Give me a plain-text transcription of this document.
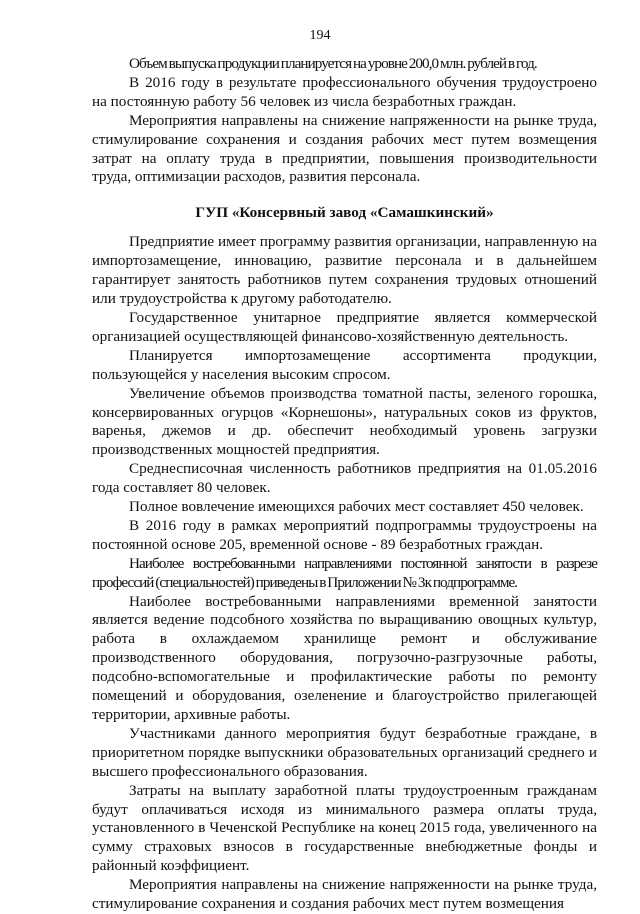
194

Объем выпуска продукции планируется на уровне 200,0 млн. рублей в год.

В 2016 году в результате профессионального обучения трудоустроено на постоянную работу 56 человек из числа безработных граждан.

Мероприятия направлены на снижение напряженности на рынке труда, стимулирование сохранения и создания рабочих мест путем возмещения затрат на оплату труда в предприятии, повышения производительности труда, оптимизации расходов, развития персонала.

ГУП «Консервный завод «Самашкинский»

Предприятие имеет программу развития организации, направленную на импортозамещение, инновацию, развитие персонала и в дальнейшем гарантирует занятость работников путем сохранения трудовых отношений или трудоустройства к другому работодателю.

Государственное унитарное предприятие является коммерческой организацией осуществляющей финансово-хозяйственную деятельность.

Планируется импортозамещение ассортимента продукции, пользующейся у населения высоким спросом.

Увеличение объемов производства томатной пасты, зеленого горошка, консервированных огурцов «Корнешоны», натуральных соков из фруктов, варенья, джемов и др. обеспечит необходимый уровень загрузки производственных мощностей предприятия.

Среднесписочная численность работников предприятия на 01.05.2016 года составляет 80 человек.

Полное вовлечение имеющихся рабочих мест составляет 450 человек.

В 2016 году в рамках мероприятий подпрограммы трудоустроены на постоянной основе 205, временной основе - 89 безработных граждан.

Наиболее востребованными направлениями постоянной занятости в разрезе профессий (специальностей) приведены в Приложении № 3к подпрограмме.

Наиболее востребованными направлениями временной занятости является ведение подсобного хозяйства по выращиванию овощных культур, работа в охлаждаемом хранилище ремонт и обслуживание производственного оборудования, погрузочно-разгрузочные работы, подсобно-вспомогательные и профилактические работы по ремонту помещений и оборудования, озеленение и благоустройство прилегающей территории, архивные работы.

Участниками данного мероприятия будут безработные граждане, в приоритетном порядке выпускники образовательных организаций среднего и высшего профессионального образования.

Затраты на выплату заработной платы трудоустроенным гражданам будут оплачиваться исходя из минимального размера оплаты труда, установленного в Чеченской Республике на конец 2015 года, увеличенного на сумму страховых взносов в государственные внебюджетные фонды и районный коэффициент.

Мероприятия направлены на снижение напряженности на рынке труда, стимулирование сохранения и создания рабочих мест путем возмещения
